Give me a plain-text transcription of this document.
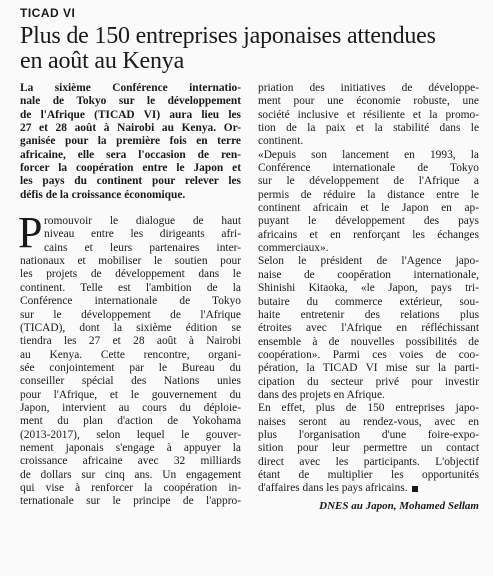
TICAD VI

Plus de 150 entreprises japonaises attendues
en août au Kenya
La sixième Conférence internatio-
nale de Tokyo sur le développement
de l'Afrique (TICAD VI) aura lieu les
27 et 28 août à Nairobi au Kenya. Or-
ganisée pour la première fois en terre
africaine, elle sera l'occasion de ren-
forcer la coopération entre le Japon et
les pays du continent pour relever les
défis de la croissance économique.
P romouvoir le dialogue de haut
niveau entre les dirigeants afri-
cains et leurs partenaires inter-
nationaux et mobiliser le soutien pour
les projets de développement dans le
continent. Telle est l'ambition de la
Conférence internationale de Tokyo
sur le développement de l'Afrique
(TICAD), dont la sixième édition se
tiendra les 27 et 28 août à Nairobi
au Kenya. Cette rencontre, organi-
sée conjointement par le Bureau du
conseiller spécial des Nations unies
pour l'Afrique, et le gouvernement du
Japon, intervient au cours du déploie-
ment du plan d'action de Yokohama
(2013-2017), selon lequel le gouver-
nement japonais s'engage à appuyer la
croissance africaine avec 32 milliards
de dollars sur cinq ans. Un engagement
qui vise à renforcer la coopération in-
ternationale sur le principe de l'appro-
priation des initiatives de développe-
ment pour une économie robuste, une
société inclusive et résiliente et la promo-
tion de la paix et la stabilité dans le
continent.
«Depuis son lancement en 1993, la
Conférence internationale de Tokyo
sur le développement de l'Afrique a
permis de réduire la distance entre le
continent africain et le Japon en ap-
puyant le développement des pays
africains et en renforçant les échanges
commerciaux».
Selon le président de l'Agence japo-
naise de coopération internationale,
Shinishi Kitaoka, «le Japon, pays tri-
butaire du commerce extérieur, sou-
haite entretenir des relations plus
étroites avec l'Afrique en réfléchissant
ensemble à de nouvelles possibilités de
coopération». Parmi ces voies de coo-
pération, la TICAD VI mise sur la parti-
cipation du secteur privé pour investir
dans des projets en Afrique.
En effet, plus de 150 entreprises japo-
naises seront au rendez-vous, avec en
plus l'organisation d'une foire-expo-
sition pour leur permettre un contact
direct avec les participants. L'objectif
étant de multiplier les opportunités
d'affaires dans les pays africains.
DNES au Japon, Mohamed Sellam
